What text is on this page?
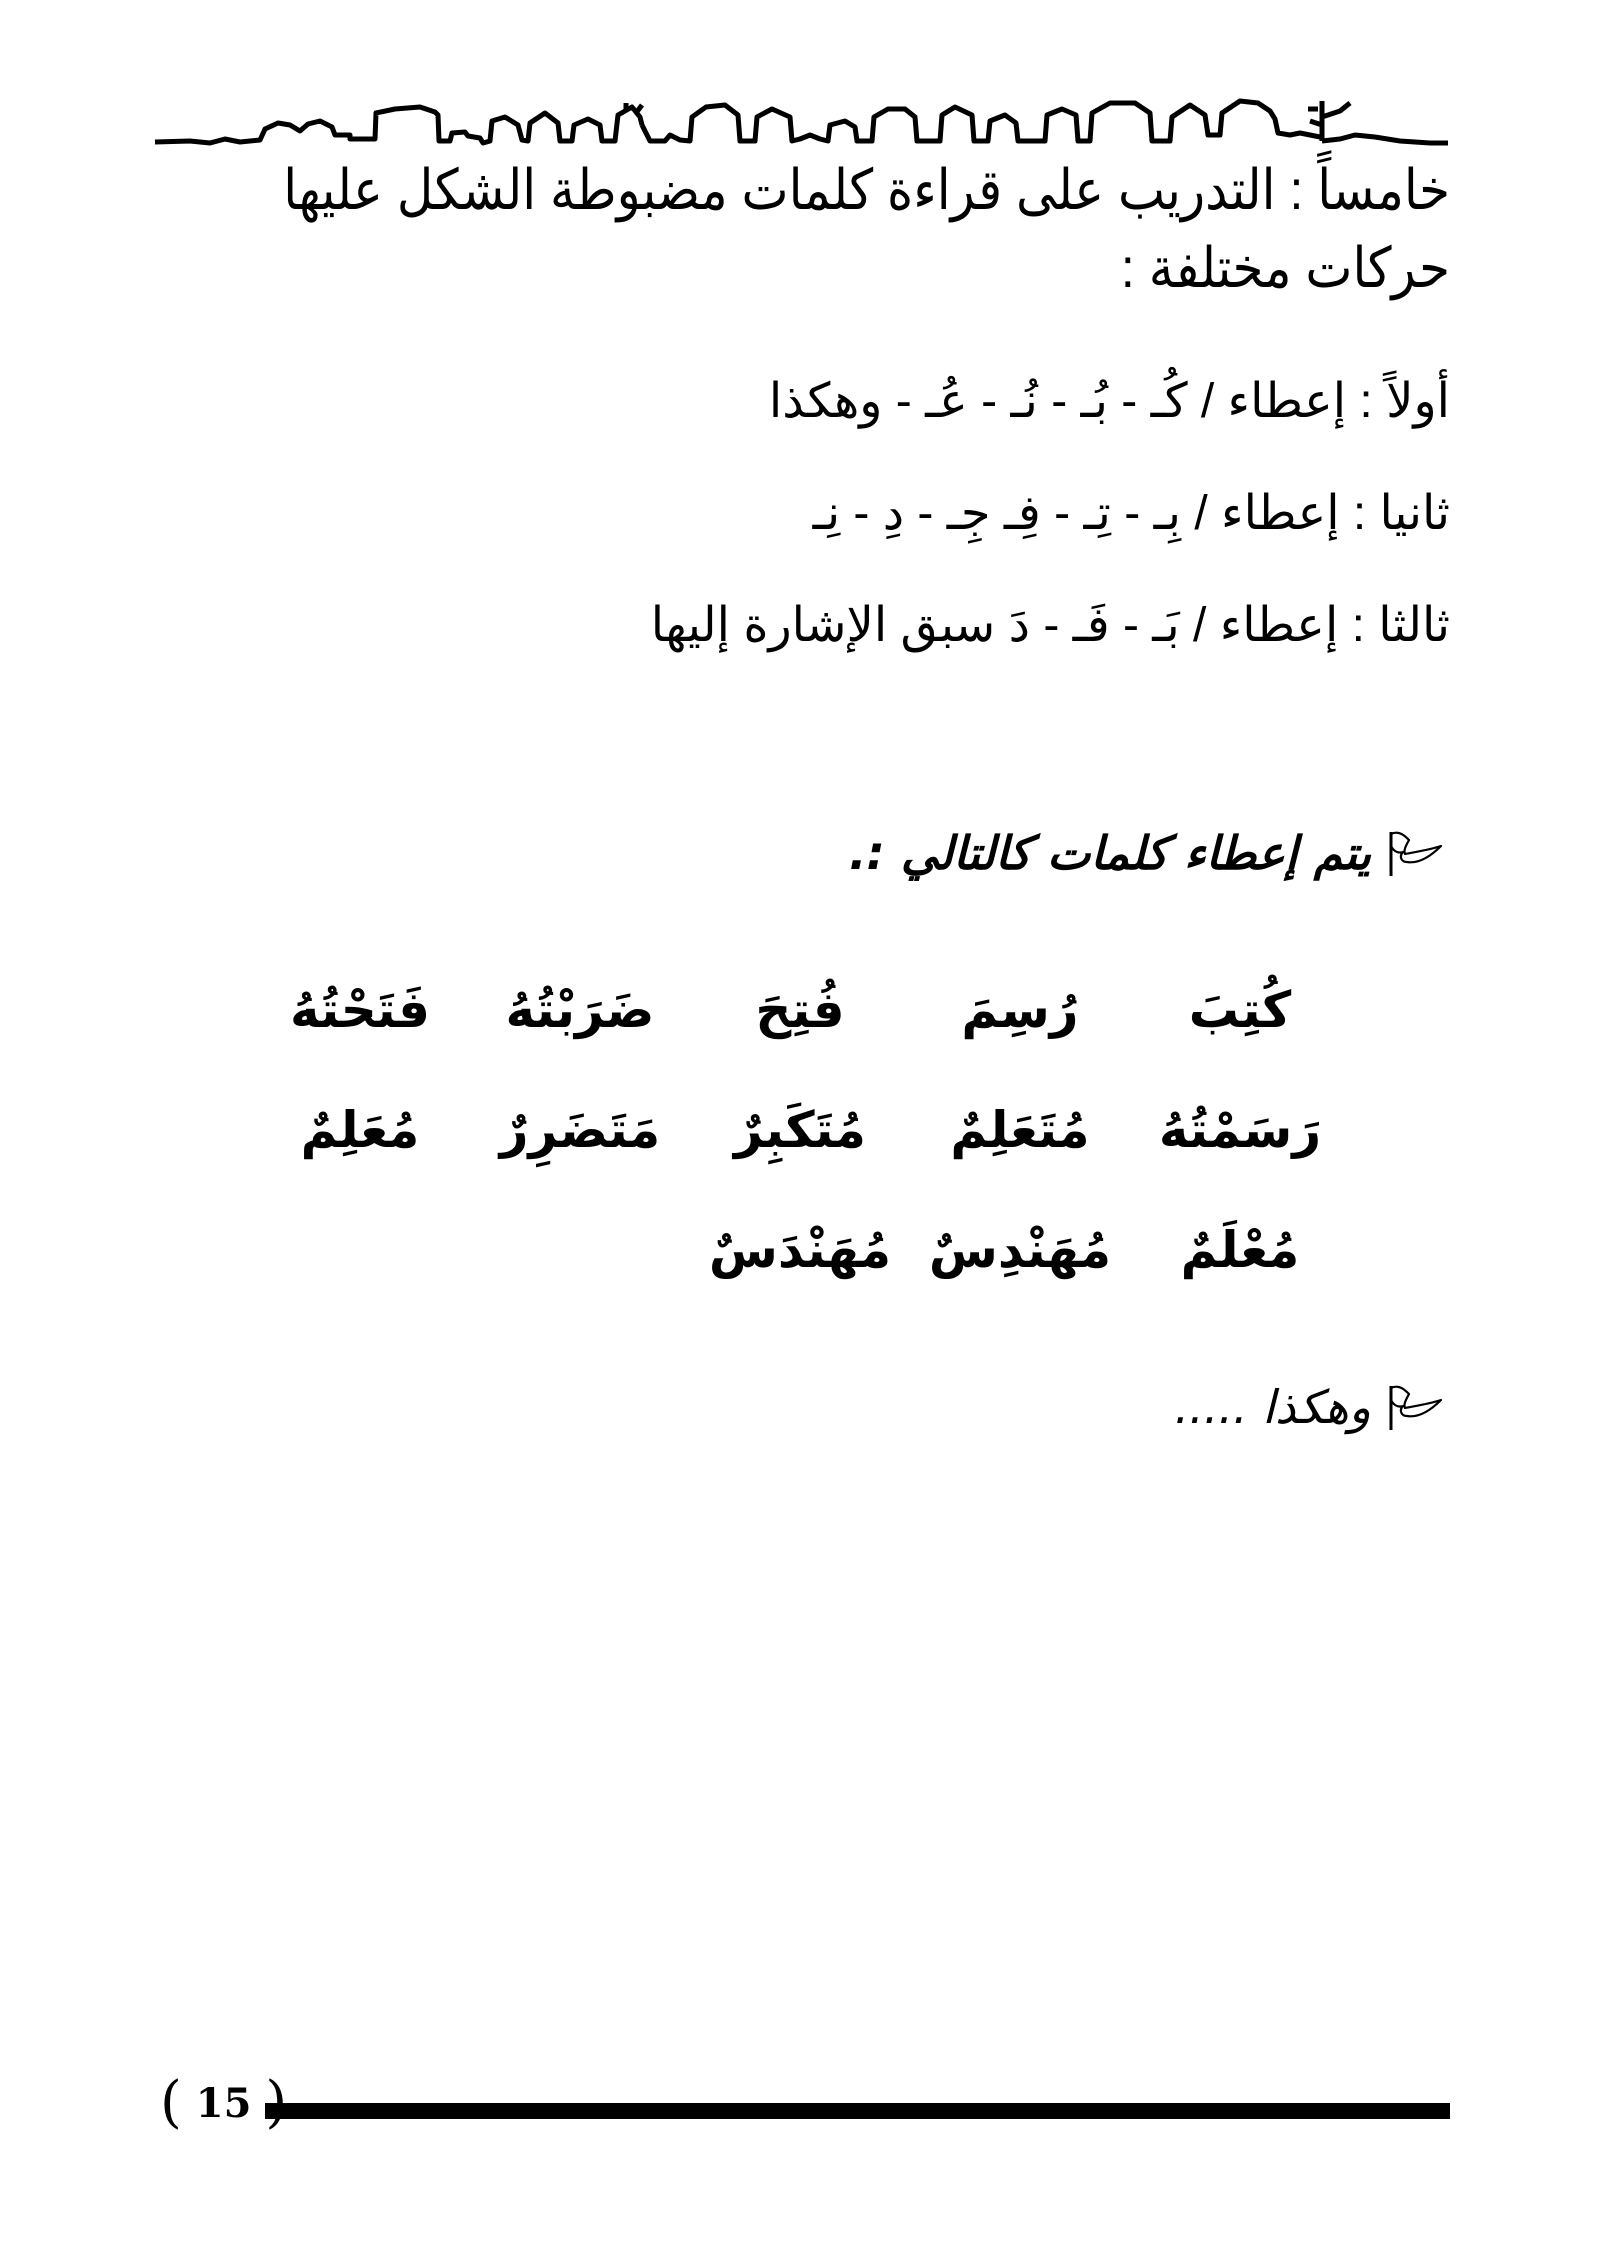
خامساً : التدريب على قراءة كلمات مضبوطة الشكل عليها
حركات مختلفة :
أولاً : إعطاء / كُـ - بُـ - نُـ - عُـ - وهكذا
ثانيا : إعطاء / بِـ - تِـ - فِـ جِـ - دِ - نِـ
ثالثا : إعطاء / بَـ - فَـ - دَ سبق الإشارة إليها
يتم إعطاء كلمات كالتالي :.
كُتِبَ
رُسِمَ
فُتِحَ
ضَرَبْتُهُ
فَتَحْتُهُ
رَسَمْتُهُ
مُتَعَلِمٌ
مُتَكَبِرٌ
مَتَضَرِرٌ
مُعَلِمٌ
مُعْلَمٌ
مُهَنْدِسٌ
مُهَنْدَسٌ
وهكذا .....
( 15
